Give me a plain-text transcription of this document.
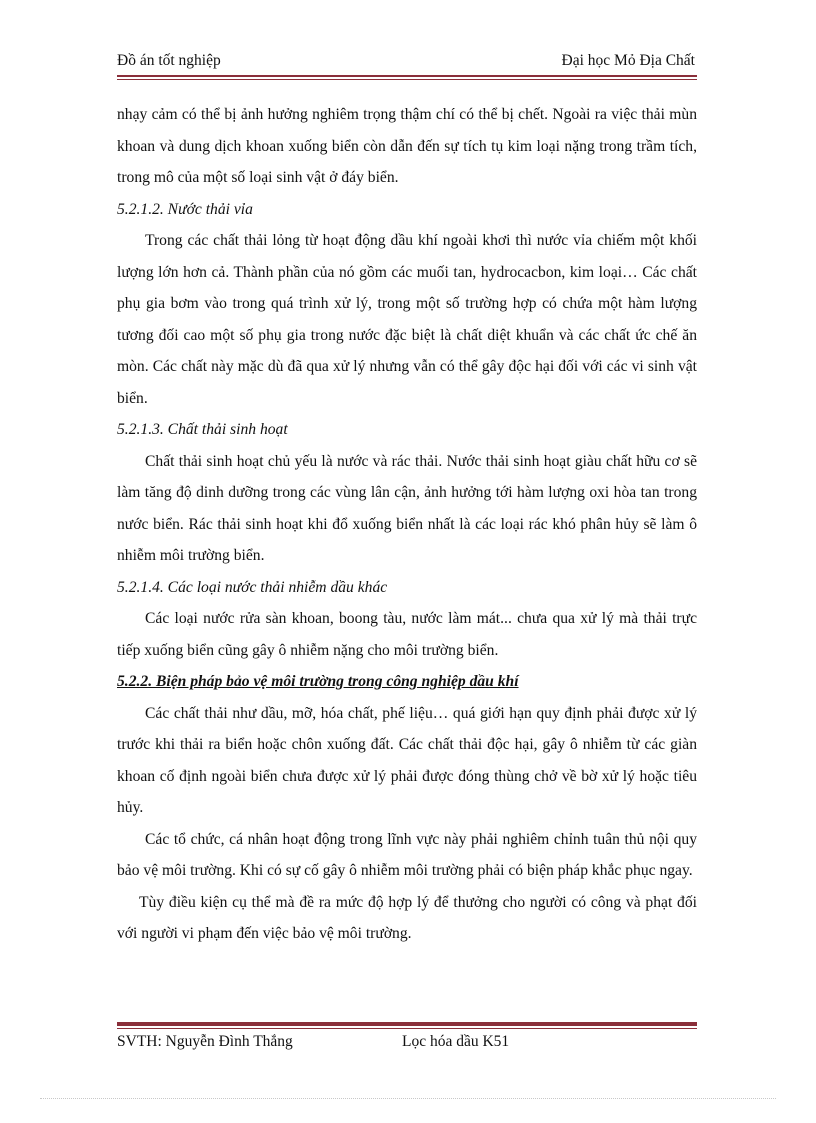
Đồ án tốt nghiệp	Đại học Mỏ Địa Chất

nhạy cảm có thể bị ảnh hưởng nghiêm trọng thậm chí có thể bị chết. Ngoài ra việc thải mùn khoan và dung dịch khoan xuống biển còn dẫn đến sự tích tụ kim loại nặng trong trầm tích, trong mô của một số loại sinh vật ở đáy biển.

5.2.1.2. Nước thải vỉa

Trong các chất thải lỏng từ hoạt động dầu khí ngoài khơi thì nước vỉa chiếm một khối lượng lớn hơn cả. Thành phần của nó gồm các muối tan, hydrocacbon, kim loại… Các chất phụ gia bơm vào trong quá trình xử lý, trong một số trường hợp có chứa một hàm lượng tương đối cao một số phụ gia trong nước đặc biệt là chất diệt khuẩn và các chất ức chế ăn mòn. Các chất này mặc dù đã qua xử lý nhưng vẫn có thể gây độc hại đối với các vi sinh vật biển.

5.2.1.3. Chất thải sinh hoạt

Chất thải sinh hoạt chủ yếu là nước và rác thải. Nước thải sinh hoạt giàu chất hữu cơ sẽ làm tăng độ dinh dưỡng trong các vùng lân cận, ảnh hưởng tới hàm lượng oxi hòa tan trong nước biển. Rác thải sinh hoạt khi đổ xuống biển nhất là các loại rác khó phân hủy sẽ làm ô nhiễm môi trường biển.

5.2.1.4. Các loại nước thải nhiễm dầu khác

Các loại nước rửa sàn khoan, boong tàu, nước làm mát... chưa qua xử lý mà thải trực tiếp xuống biển cũng gây ô nhiễm nặng cho môi trường biển.

5.2.2. Biện pháp bảo vệ môi trường trong công nghiệp dầu khí

Các chất thải như dầu, mỡ, hóa chất, phế liệu… quá giới hạn quy định phải được xử lý trước khi thải ra biển hoặc chôn xuống đất. Các chất thải độc hại, gây ô nhiễm từ các giàn khoan cố định ngoài biển chưa được xử lý phải được đóng thùng chở về bờ xử lý hoặc tiêu hủy.

Các tổ chức, cá nhân hoạt động trong lĩnh vực này phải nghiêm chỉnh tuân thủ nội quy bảo vệ môi trường. Khi có sự cố gây ô nhiễm môi trường phải có biện pháp khắc phục ngay.

Tùy điều kiện cụ thể mà đề ra mức độ hợp lý để thưởng cho người có công và phạt đối với người vi phạm đến việc bảo vệ môi trường.

SVTH: Nguyễn Đình Thắng	Lọc hóa dầu K51
